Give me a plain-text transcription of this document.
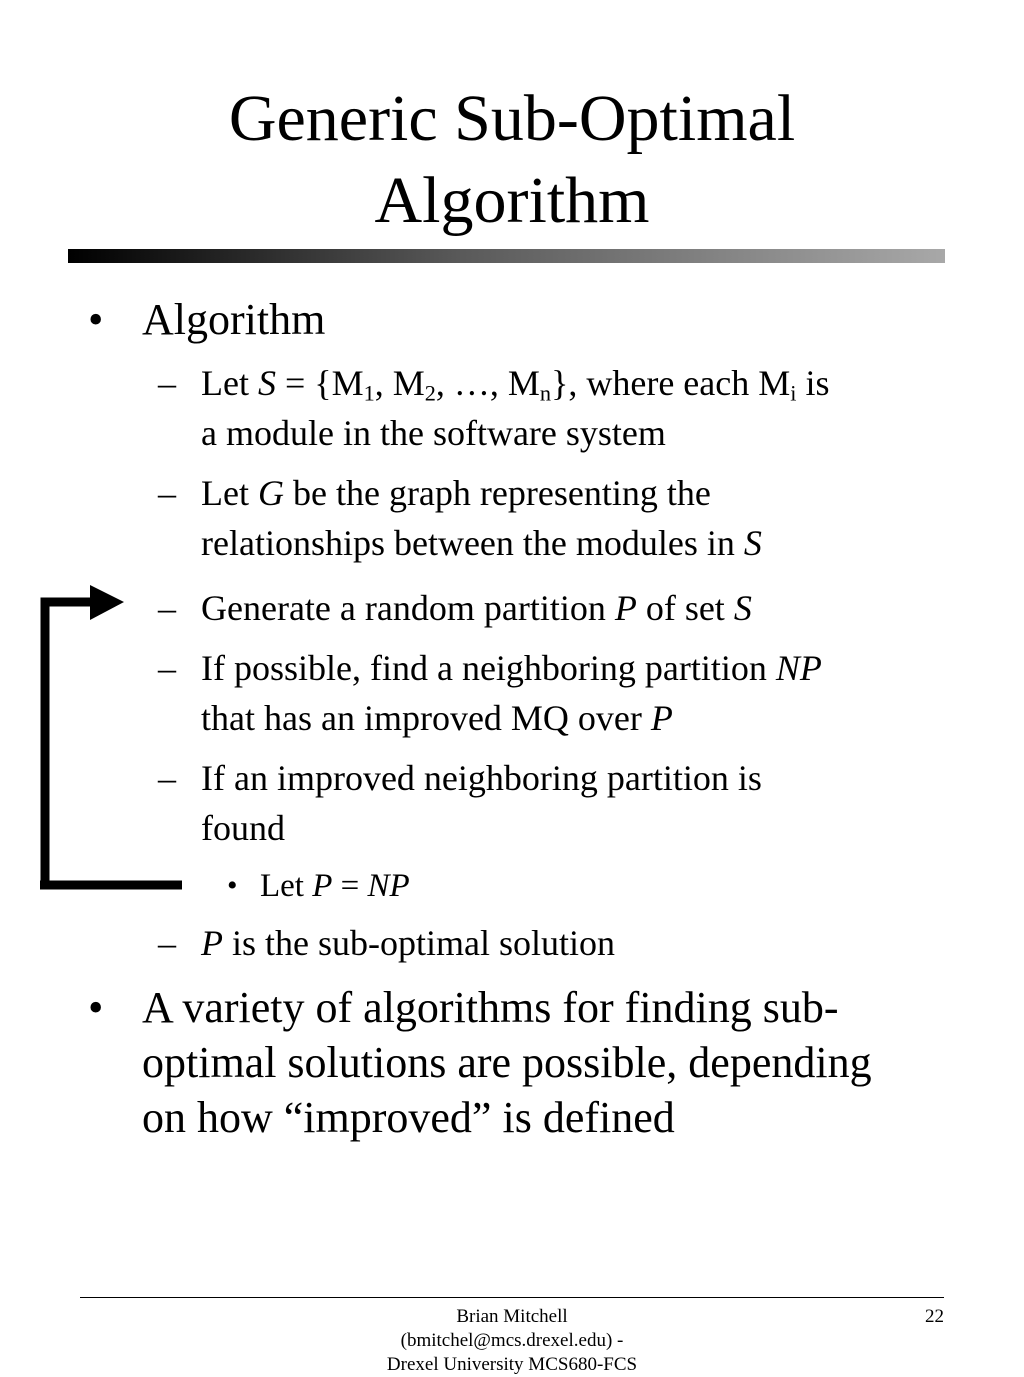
Generic Sub-Optimal
Algorithm
• Algorithm
– Let $S = \{M_1$, $M_2$, …, $M_n$}, where each $M_i$ is
a module in the software system
– Let G be the graph representing the
relationships between the modules in S
– Generate a random partition P of set S
– If possible, find a neighboring partition NP
that has an improved MQ over P
– If an improved neighboring partition is
found
• Let P = NP
– P is the sub-optimal solution
• A variety of algorithms for finding sub-
optimal solutions are possible, depending
on how “improved” is defined
Brian Mitchell
(bmitchel@mcs.drexel.edu) -
Drexel University MCS680-FCS
22
